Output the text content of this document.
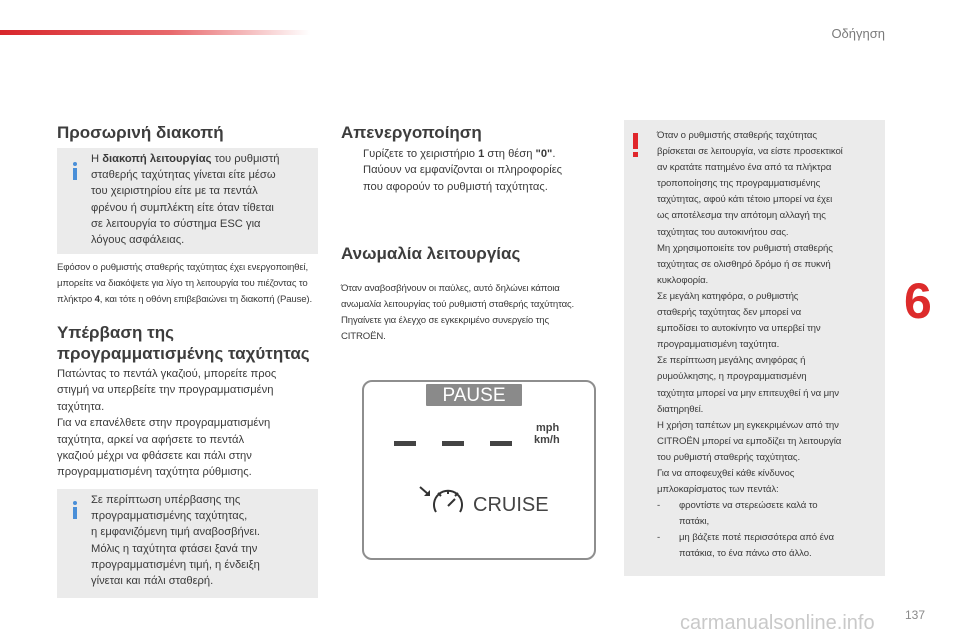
Οδήγηση
6
137
carmanualsonline.info
Προσωρινή διακοπή
Η διακοπή λειτουργίας του ρυθμιστή
σταθερής ταχύτητας γίνεται είτε μέσω
του χειριστηρίου είτε με τα πεντάλ
φρένου ή συμπλέκτη είτε όταν τίθεται
σε λειτουργία το σύστημα ESC για
λόγους ασφάλειας.
Εφόσον ο ρυθμιστής σταθερής ταχύτητας έχει ενεργοποιηθεί,
μπορείτε να διακόψετε για λίγο τη λειτουργία του πιέζοντας το
πλήκτρο 4, και τότε η οθόνη επιβεβαιώνει τη διακοπή (Pause).
Υπέρβαση της
προγραμματισμένης ταχύτητας
Πατώντας το πεντάλ γκαζιού, μπορείτε προς
στιγμή να υπερβείτε την προγραμματισμένη
ταχύτητα.
Για να επανέλθετε στην προγραμματισμένη
ταχύτητα, αρκεί να αφήσετε το πεντάλ
γκαζιού μέχρι να φθάσετε και πάλι στην
προγραμματισμένη ταχύτητα ρύθμισης.
Σε περίπτωση υπέρβασης της
προγραμματισμένης ταχύτητας,
η εμφανιζόμενη τιμή αναβοσβήνει.
Μόλις η ταχύτητα φτάσει ξανά την
προγραμματισμένη τιμή, η ένδειξη
γίνεται και πάλι σταθερή.
Απενεργοποίηση
Γυρίζετε το χειριστήριο 1 στη θέση "0".
Παύουν να εμφανίζονται οι πληροφορίες
που αφορούν το ρυθμιστή ταχύτητας.
Ανωμαλία λειτουργίας
Όταν αναβοσβήνουν οι παύλες, αυτό δηλώνει κάποια
ανωμαλία λειτουργίας τού ρυθμιστή σταθερής ταχύτητας.
Πηγαίνετε για έλεγχο σε εγκεκριμένο συνεργείο της
CITROËN.
PAUSE
mph
km/h
CRUISE
Όταν ο ρυθμιστής σταθερής ταχύτητας
βρίσκεται σε λειτουργία, να είστε προσεκτικοί
αν κρατάτε πατημένο ένα από τα πλήκτρα
τροποποίησης της προγραμματισμένης
ταχύτητας, αφού κάτι τέτοιο μπορεί να έχει
ως αποτέλεσμα την απότομη αλλαγή της
ταχύτητας του αυτοκινήτου σας.
Μη χρησιμοποιείτε τον ρυθμιστή σταθερής
ταχύτητας σε ολισθηρό δρόμο ή σε πυκνή
κυκλοφορία.
Σε μεγάλη κατηφόρα, ο ρυθμιστής
σταθερής ταχύτητας δεν μπορεί να
εμποδίσει το αυτοκίνητο να υπερβεί την
προγραμματισμένη ταχύτητα.
Σε περίπτωση μεγάλης ανηφόρας ή
ρυμούλκησης, η προγραμματισμένη
ταχύτητα μπορεί να μην επιτευχθεί ή να μην
διατηρηθεί.
Η χρήση ταπέτων μη εγκεκριμένων από την
CITROËN μπορεί να εμποδίζει τη λειτουργία
του ρυθμιστή σταθερής ταχύτητας.
Για να αποφευχθεί κάθε κίνδυνος
μπλοκαρίσματος των πεντάλ:
-	φροντίστε να στερεώσετε καλά το
πατάκι,
-	μη βάζετε ποτέ περισσότερα από ένα
πατάκια, το ένα πάνω στο άλλο.
